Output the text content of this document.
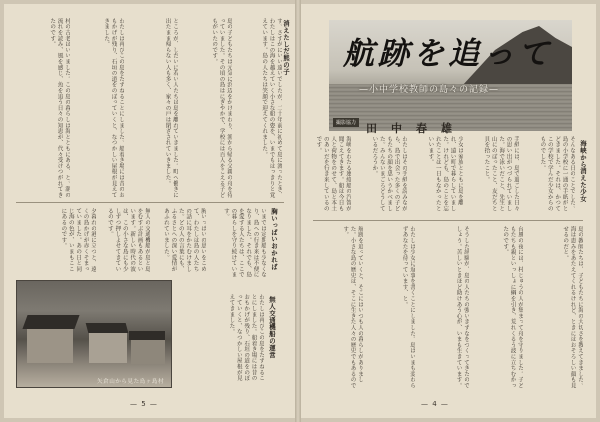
す。さすがにいい遠いでしたが、二十年前に初めて島に渡ったとき、わたしはこの海を越えていく小さな船の姿を、いまでもはっきりと覚えています。島の人たちは笑顔で迎えてくれました。	消えたしだ熊の子
島の子どもたちは元気に浜辺をかけまわり、漁から帰る父親の舟を待っていました。その頃の島はにぎやかで、学校には百人をこえる子どもがいたのです。
ところが、しだいに若い人たちは島を離れていきました。町へ働きに出たまま帰らない人も多く、家々の戸は閉ざされていきました。
わたしは再びこの島をたずねることにしました。船着き場には昔のおもかげが残り、石垣の道をのぼっていくと、なつかしい屋根が見えてきました。
村の古老はいいました。この島の暮らしは海とともにある、と。潮の流れを読み、風を感じ、魚を追う日々の知恵が、代々受けつがれてきたのです。
胸いっぱいおかれば
いまでは定期船も少なくなり、島への行き来は不便になりました。それでも、島を愛する人たちは、ここでの暮らしを守り続けています。
胸いっぱいの思いをこめて、わたしは島の人たちの話に耳をかたむけました。どの人の言葉にも、ふるさとへの深い愛情があふれていました。
無人の交通機船が島と島をむすぶ計画もあるといいます。新しい時代の波は、この小さな島にも少しずつ押しよせてきているのです。
夕暮れの港に立つと、遠くの島かげが赤くそまっていました。あの日と同じ海の色が、いまもここにあるのです。
無人交通機船の運営
わたしは再びこの島をたずねることにしました。船着き場には昔のおもかげが残り、石垣の道をのぼっていくと、なつかしい屋根が見えてきました。
矢倉山から見た鳥ヶ島村
— 5 —
航跡を追って
—小中学校教師の島々の記録—
撮影協力 田中春雄
海峡から消えた少女
そんなある日のことでした。島の小学校に一通の手紙がとどきました。それは、かつてこの学校で学んだ少女からのものでした。
手紙には、島で過ごした日々の思い出がつづられていました。海で泳いだこと、先生と山にのぼったこと、友だちと貝を拾ったこと。
少女は家族とともに島を離れ、遠い町で暮らしていました。けれども、島のことを忘れたことは一日もなかったといいます。
わたしはその手紙を読みながら、島で出会った多くの子どもたちの顔を思いうかべました。みんないまごろどうしているだろうか。
海峡をわたる連絡船の汽笛が聞こえてきます。船は今日も人と荷物をのせて、島と本土のあいだを行き来しているのです。
島の教師たちは、子どもたちに海の大切さを教えてきました。海は恵みをあたえてくれるけれど、ときにはおそろしい顔も見せるのだと。
台風の夜には、村じゅうの人が集まって舟を守りました。子どもたちも親といっしょに綱を引き、荒れくるう波に立ちむかったのです。
そうした経験が、島の人たちの強いきずなをつくってきたのでしょう。苦しいときほど助けあう心が、いまも生きています。
わたしは少女に返事を書くことにしました。島はいまも変わらずあなたを待っています、と。
航跡を追っていくと、そこにはいつも人の暮らしがありました。小さな島の歴史は、そこに生きた人々の歴史でもあるのです。
— 4 —
